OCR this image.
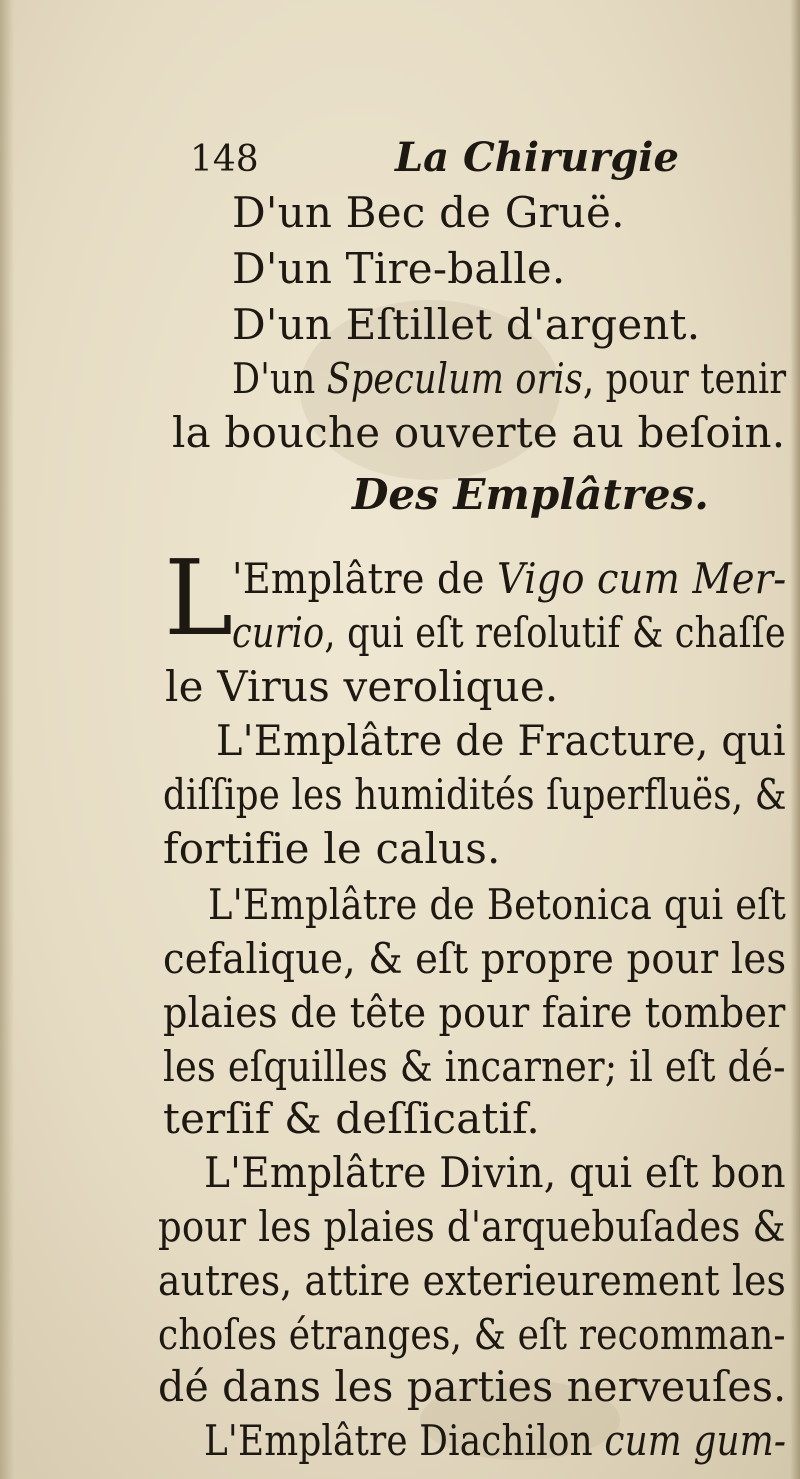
148	La Chirurgie
D'un Bec de Gruë.
D'un Tire-balle.
D'un Eſtillet d'argent.
D'un Speculum oris, pour tenir
la bouche ouverte au beſoin.
Des Emplâtres.
L
'Emplâtre de Vigo cum Mer-
curio, qui eſt reſolutif & chaſſe
le Virus verolique.
L'Emplâtre de Fracture, qui
diſſipe les humidités ſuperfluës, &
fortifie le calus.
L'Emplâtre de Betonica qui eſt
cefalique, & eſt propre pour les
plaies de tête pour faire tomber
les eſquilles & incarner; il eſt dé-
terſif & deſſicatif.
L'Emplâtre Divin, qui eſt bon
pour les plaies d'arquebuſades &
autres, attire exterieurement les
choſes étranges, & eſt recomman-
dé dans les parties nerveuſes.
L'Emplâtre Diachilon cum gum-
